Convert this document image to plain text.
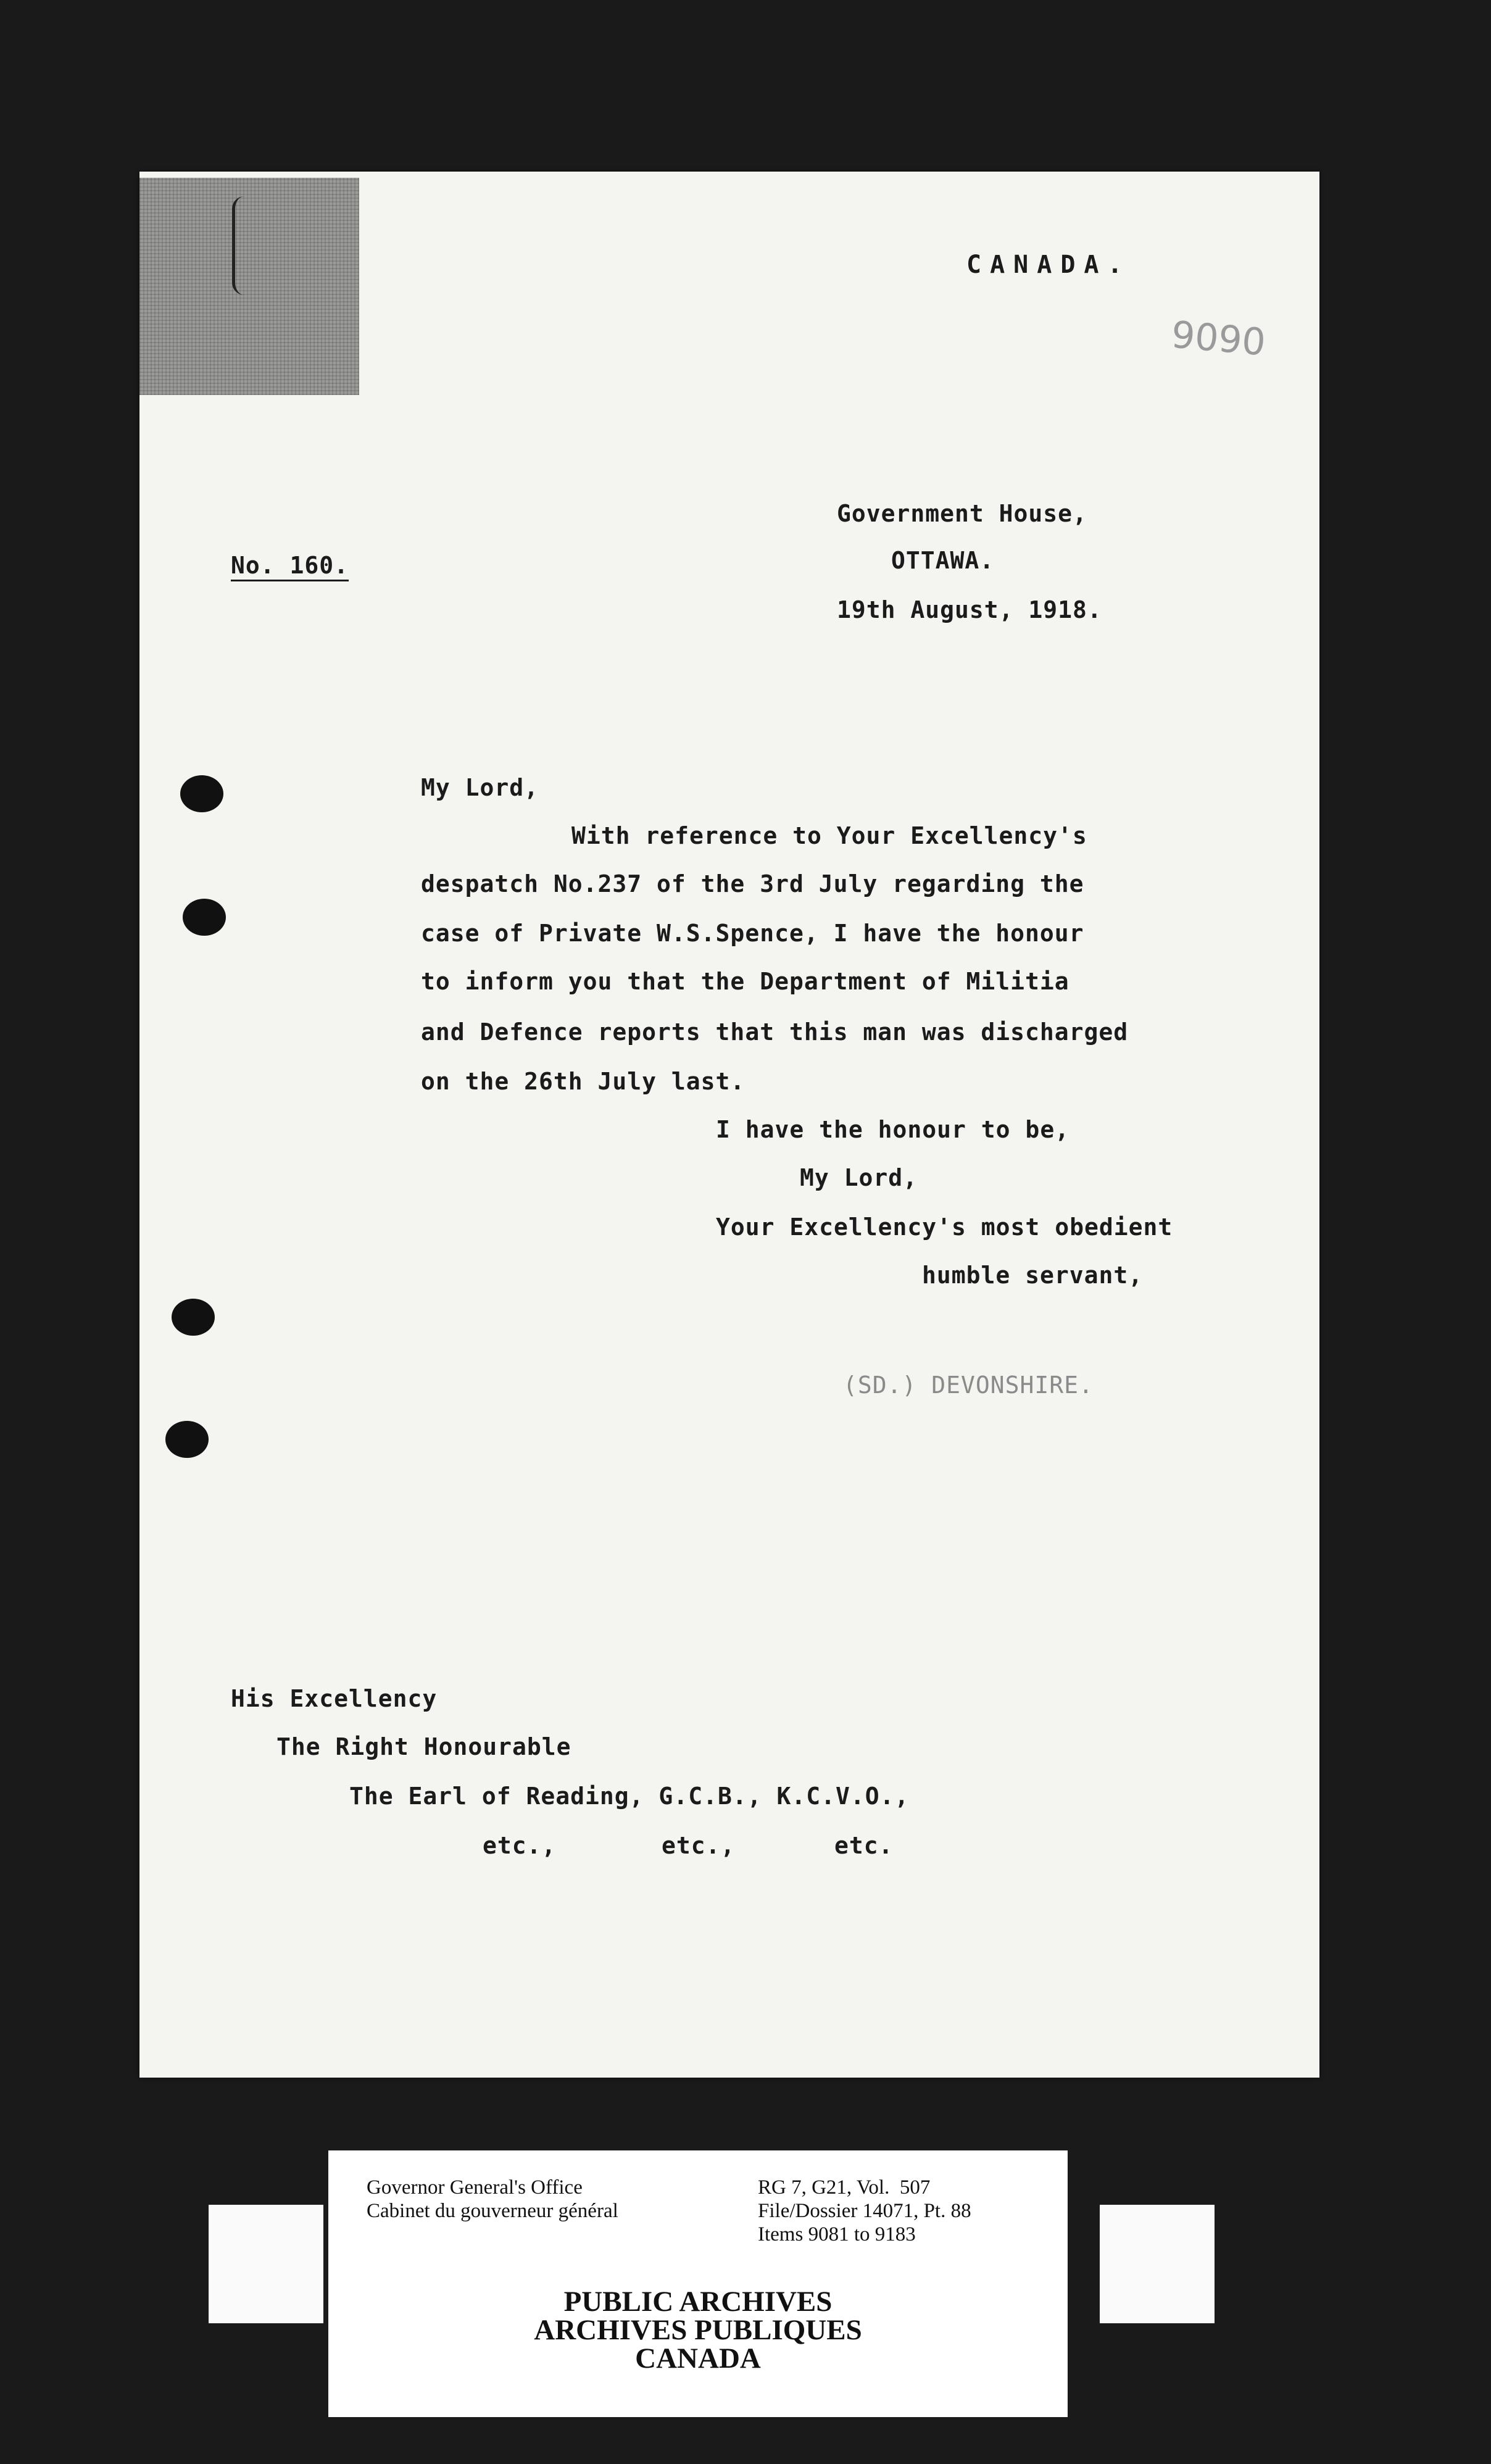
CANADA.
9090
No. 160.
Government House,
OTTAWA.
19th August, 1918.
My Lord,
With reference to Your Excellency's
despatch No.237 of the 3rd July regarding the
case of Private W.S.Spence, I have the honour
to inform you that the Department of Militia
and Defence reports that this man was discharged
on the 26th July last.
I have the honour to be,
My Lord,
Your Excellency's most obedient
humble servant,
(SD.) DEVONSHIRE.
His Excellency
The Right Honourable
The Earl of Reading, G.C.B., K.C.V.O.,
etc.,	etc.,	etc.
Governor General's Office
Cabinet du gouverneur général
RG 7, G21, Vol.  507
File/Dossier 14071, Pt. 88
Items 9081 to 9183
PUBLIC ARCHIVES
ARCHIVES PUBLIQUES
CANADA
